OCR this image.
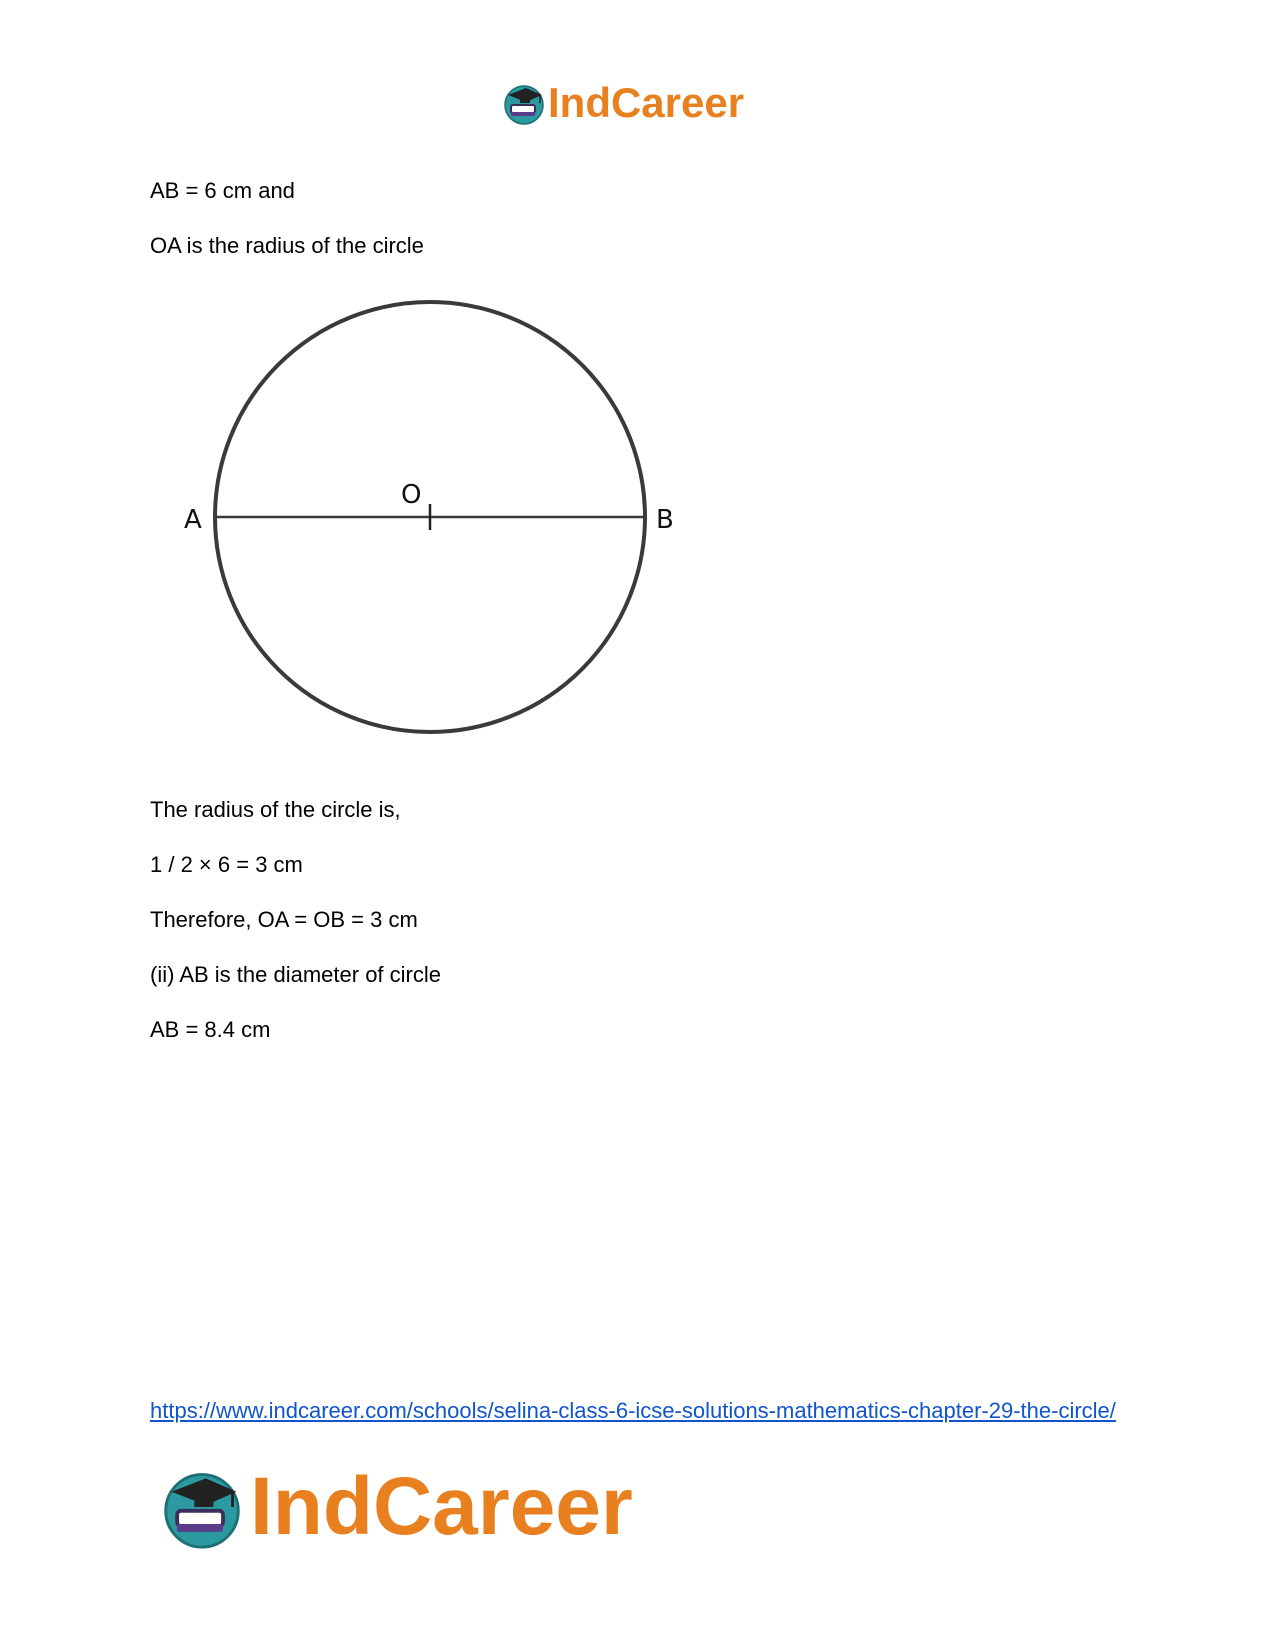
IndCareer
AB = 6 cm and
OA is the radius of the circle
A	B
O
The radius of the circle is,
1 / 2 × 6 = 3 cm
Therefore, OA = OB = 3 cm
(ii) AB is the diameter of circle
AB = 8.4 cm
https://www.indcareer.com/schools/selina-class-6-icse-solutions-mathematics-chapter-29-the-circle/
IndCareer
